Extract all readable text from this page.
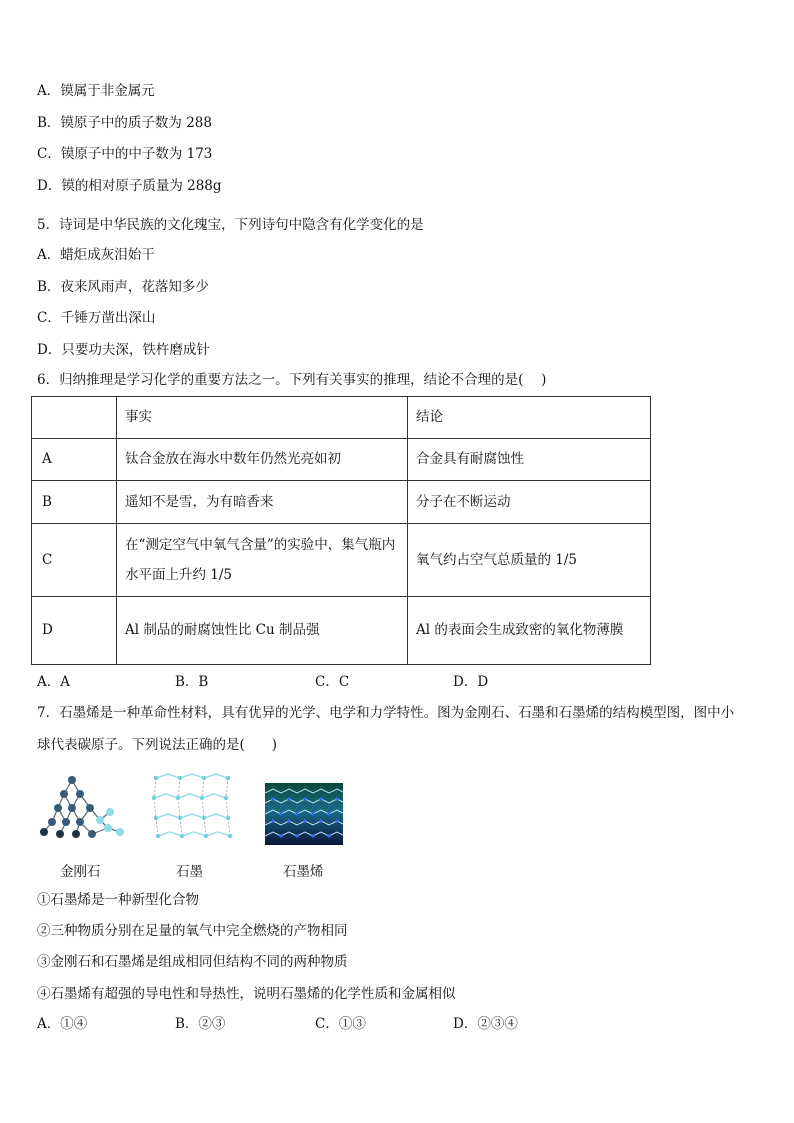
A．镆属于非金属元
B．镆原子中的质子数为 288
C．镆原子中的中子数为 173
D．镆的相对原子质量为 288g
5．诗词是中华民族的文化瑰宝，下列诗句中隐含有化学变化的是
A．蜡炬成灰泪始干
B．夜来风雨声，花落知多少
C．千锤万凿出深山
D．只要功夫深，铁杵磨成针
6．归纳推理是学习化学的重要方法之一。下列有关事实的推理，结论不合理的是(　 )
	事实	结论
A	钛合金放在海水中数年仍然光亮如初	合金具有耐腐蚀性
B	遥知不是雪，为有暗香来	分子在不断运动
C	在“测定空气中氧气含量”的实验中，集气瓶内
水平面上升约 1/5	氧气约占空气总质量的 1/5
D	Al 制品的耐腐蚀性比 Cu 制品强	Al 的表面会生成致密的氧化物薄膜
A．A	B．B	C．C	D．D
7．石墨烯是一种革命性材料，具有优异的光学、电学和力学特性。图为金刚石、石墨和石墨烯的结构模型图，图中小
球代表碳原子。下列说法正确的是(　　)
金刚石	石墨	石墨烯
①石墨烯是一种新型化合物
②三种物质分别在足量的氧气中完全燃烧的产物相同
③金刚石和石墨烯是组成相同但结构不同的两种物质
④石墨烯有超强的导电性和导热性，说明石墨烯的化学性质和金属相似
A．①④	B．②③	C．①③	D．②③④
